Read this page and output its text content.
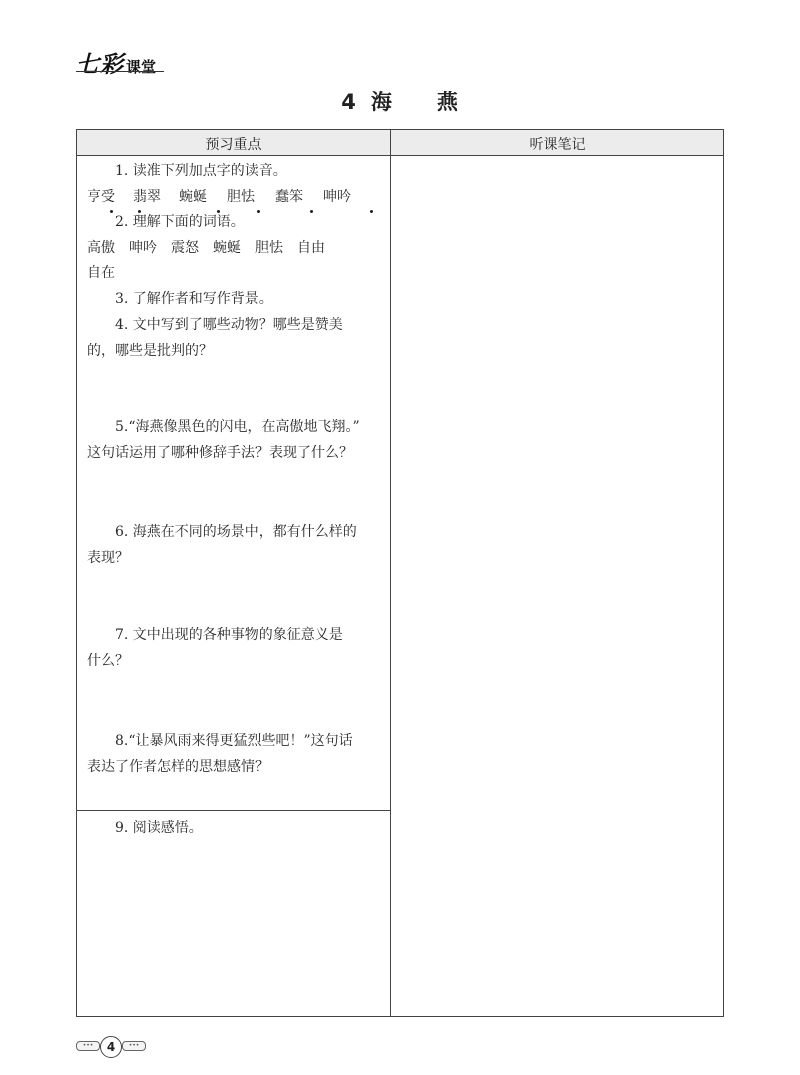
七彩 课堂
4 海 燕
预习重点	听课笔记
1. 读准下列加点字的读音。
亨受 翡翠 蜿蜒 胆怯 蠢笨 呻吟
2. 理解下面的词语。
高傲　呻吟　震怒　蜿蜒　胆怯　自由
自在
3. 了解作者和写作背景。
4. 文中写到了哪些动物？哪些是赞美
的，哪些是批判的？
5.“海燕像黑色的闪电，在高傲地飞翔。”
这句话运用了哪种修辞手法？表现了什么？
6. 海燕在不同的场景中，都有什么样的
表现？
7. 文中出现的各种事物的象征意义是
什么？
8.“让暴风雨来得更猛烈些吧！”这句话
表达了作者怎样的思想感情？
9. 阅读感悟。
•••	4	•••
